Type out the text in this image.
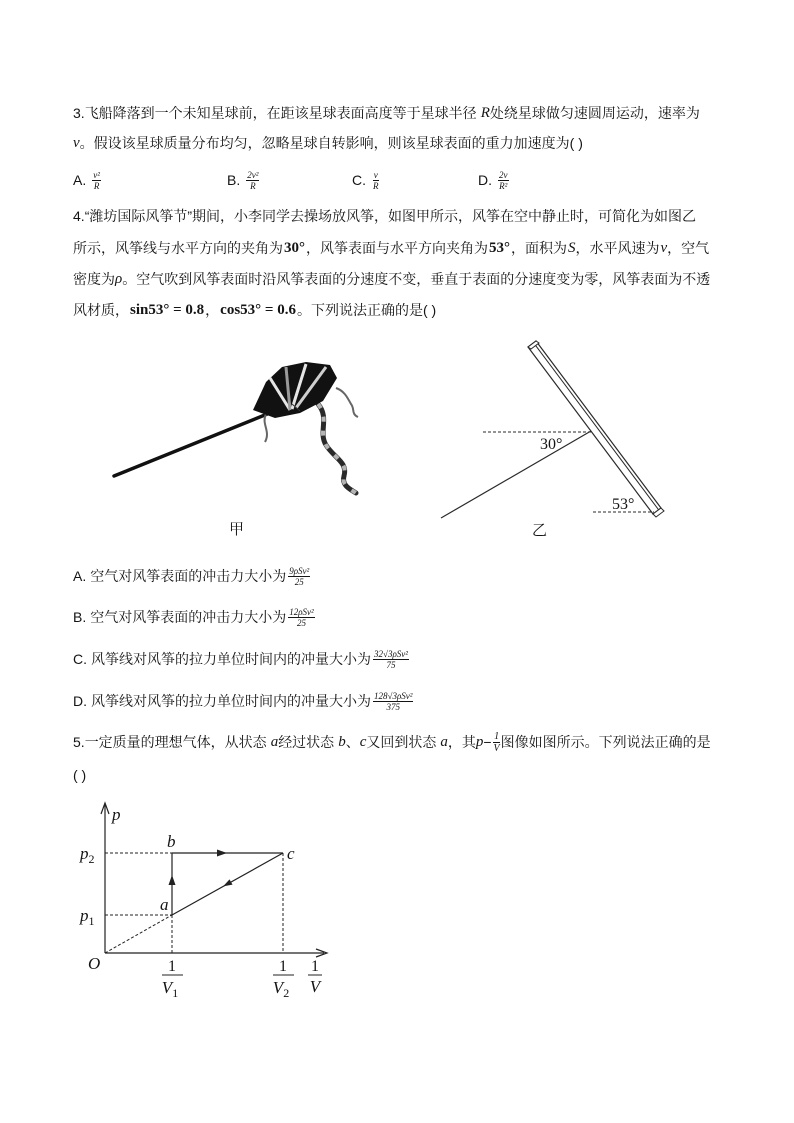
3. 飞船降落到一个未知星球前，在距该星球表面高度等于星球半径 R 处绕星球做匀速圆周运动，速率为
v 。假设该星球质量分布均匀，忽略星球自转影响，则该星球表面的重力加速度为( )
A. $\frac{\text{v²}}{R}$	B. $\frac{\text{2v²}}{R}$	C. $\frac{v}{R}$	D. $\frac{2v}{\text{R²}}$
4. “潍坊国际风筝节”期间，小李同学去操场放风筝，如图甲所示，风筝在空中静止时，可简化为如图乙
所示，风筝线与水平方向的夹角为 30° ，风筝表面与水平方向夹角为 53° ，面积为 S ，水平风速为 v ，空气
密度为 ρ 。空气吹到风筝表面时沿风筝表面的分速度不变，垂直于表面的分速度变为零，风筝表面为不透
风材质， sin53° = 0.8 ， cos53° = 0.6 。下列说法正确的是( )
甲
30°
53°
乙
A. 空气对风筝表面的冲击力大小为 $\frac{\text{9ρSv²}}{25}$
B. 空气对风筝表面的冲击力大小为 $\frac{\text{12ρSv²}}{25}$
C. 风筝线对风筝的拉力单位时间内的冲量大小为 $\frac{\text{32√3ρSv²}}{75}$
D. 风筝线对风筝的拉力单位时间内的冲量大小为 $\frac{\text{128√3ρSv²}}{375}$
5. 一定质量的理想气体，从状态 a 经过状态 b 、 c 又回到状态 a ，其 $p - \frac{1}{V}$ 图像如图所示。下列说法正确的是
( )
p
O
$p_2$
$p_1$
b
c
a
1
$V_1$
1
$V_2$
1
V
